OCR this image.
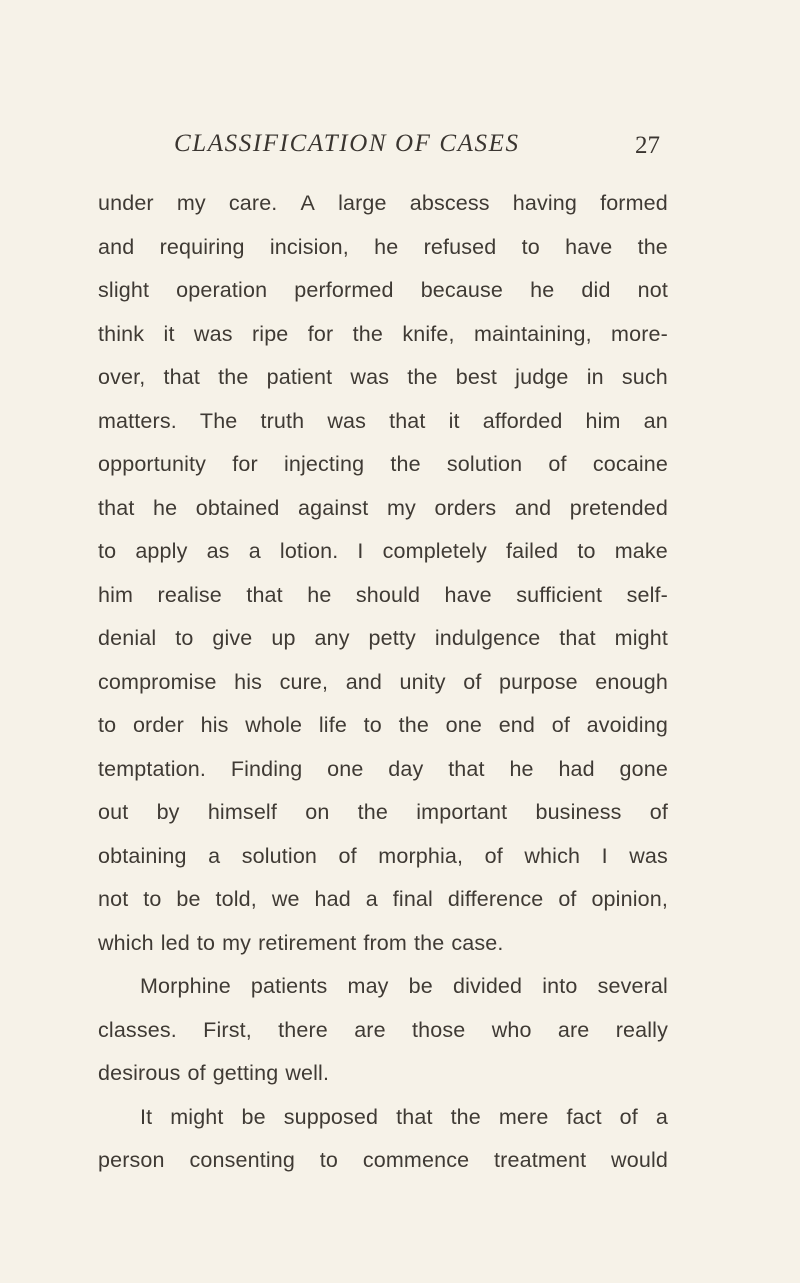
CLASSIFICATION OF CASES	27
under my care. A large abscess having formed
and requiring incision, he refused to have the
slight operation performed because he did not
think it was ripe for the knife, maintaining, more-
over, that the patient was the best judge in such
matters. The truth was that it afforded him an
opportunity for injecting the solution of cocaine
that he obtained against my orders and pretended
to apply as a lotion. I completely failed to make
him realise that he should have sufficient self-
denial to give up any petty indulgence that might
compromise his cure, and unity of purpose enough
to order his whole life to the one end of avoiding
temptation. Finding one day that he had gone
out by himself on the important business of
obtaining a solution of morphia, of which I was
not to be told, we had a final difference of opinion,
which led to my retirement from the case.
Morphine patients may be divided into several
classes. First, there are those who are really
desirous of getting well.
It might be supposed that the mere fact of a
person consenting to commence treatment would
